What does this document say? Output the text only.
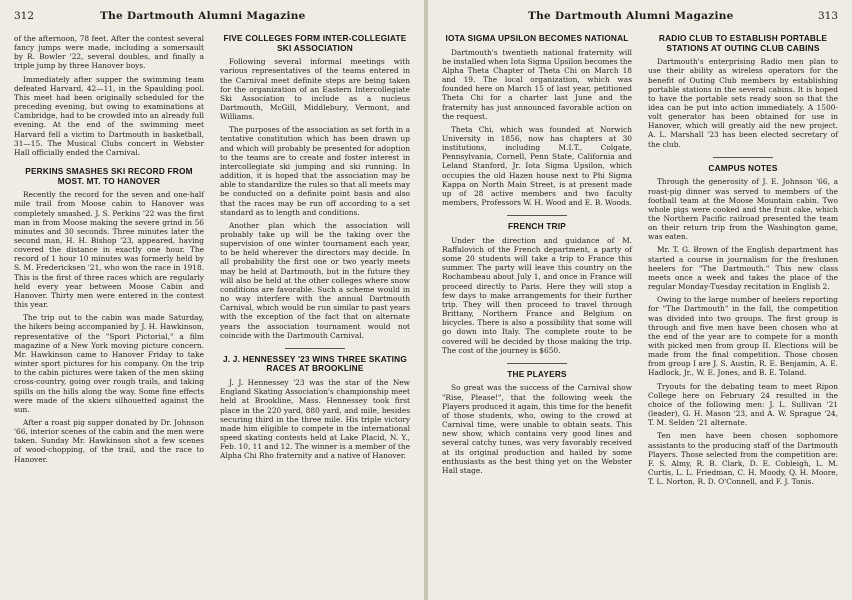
312	The Dartmouth Alumni Magazine

of the afternoon, 78 feet. After the contest several fancy jumps were made, including a somersault by R. Bowler '22, several doubles, and finally a triple jump by three Hanover boys.

Immediately after supper the swimming team defeated Harvard, 42—11, in the Spaulding pool. This meet had been originally scheduled for the preceding evening, but owing to examinations at Cambridge, had to be crowded into an already full evening. At the end of the swimming meet Harvard fell a victim to Dartmouth in basketball, 31—15. The Musical Clubs concert in Webster Hall officially ended the Carnival.

PERKINS SMASHES SKI RECORD FROM MOST. MT. TO HANOVER

Recently the record for the seven and one-half mile trail from Moose cabin to Hanover was completely smashed. J. S. Perkins '22 was the first man in from Moose making the severe grind in 56 minutes and 30 seconds. Three minutes later the second man, H. H. Bishop '23, appeared, having covered the distance in exactly one hour. The record of 1 hour 10 minutes was formerly held by S. M. Fredericksen '21, who won the race in 1918. This is the first of three races which are regularly held every year between Moose Cabin and Hanover. Thirty men were entered in the contest this year.

The trip out to the cabin was made Saturday, the hikers being accompanied by J. H. Hawkinson, representative of the "Sport Pictorial," a film magazine of a New York moving picture concern. Mr. Hawkinson came to Hanover Friday to take winter sport pictures for his company. On the trip to the cabin pictures were taken of the men skiing cross-country, going over rough trails, and taking spills on the hills along the way. Some fine effects were made of the skiers silhouetted against the sun.

After a roast pig supper donated by Dr. Johnson '66, interior scenes of the cabin and the men were taken. Sunday Mr. Hawkinson shot a few scenes of wood-chopping, of the trail, and the race to Hanover.

FIVE COLLEGES FORM INTER-COLLEGIATE SKI ASSOCIATION

Following several informal meetings with various representatives of the teams entered in the Carnival meet definite steps are being taken for the organization of an Eastern Intercollegiate Ski Association to include as a nucleus Dartmouth, McGill, Middlebury, Vermont, and Williams.

The purposes of the association as set forth in a tentative constitution which has been drawn up and which will probably be presented for adoption to the teams are to create and foster interest in intercollegiate ski jumping and ski running. In addition, it is hoped that the association may be able to standardize the rules so that all meets may be conducted on a definite point basis and also that the races may be run off according to a set standard as to length and conditions.

Another plan which the association will probably take up will be the taking over the supervision of one winter tournament each year, to be held wherever the directors may decide. In all probability the first one or two yearly meets may be held at Dartmouth, but in the future they will also be held at the other colleges where snow conditions are favorable. Such a scheme would in no way interfere with the annual Dartmouth Carnival, which would be run similar to past years with the exception of the fact that on alternate years the association tournament would not coincide with the Dartmouth Carnival.

J. J. HENNESSEY '23 WINS THREE SKATING RACES AT BROOKLINE

J. J. Hennessey '23 was the star of the New England Skating Association's championship meet held at Brookline, Mass. Hennessey took first place in the 220 yard, 880 yard, and mile, besides securing third in the three mile. His triple victory made him eligible to compete in the international speed skating contests held at Lake Placid, N. Y., Feb. 10, 11 and 12. The winner is a member of the Alpha Chi Rho fraternity and a native of Hanover.

The Dartmouth Alumni Magazine	313
IOTA SIGMA UPSILON BECOMES NATIONAL

Dartmouth's twentieth national fraternity will be installed when Iota Sigma Upsilon becomes the Alpha Theta Chapter of Theta Chi on March 18 and 19. The local organization, which was founded here on March 15 of last year, petitioned Theta Chi for a charter last June and the fraternity has just announced favorable action on the request.

Theta Chi, which was founded at Norwich University in 1856, now has chapters at 30 institutions, including M.I.T., Colgate, Pennsylvania, Cornell, Penn State, California and Leland Stanford, Jr. Iota Sigma Upsilon, which occupies the old Hazen house next to Phi Sigma Kappa on North Main Street, is at present made up of 28 active members and two faculty members, Professors W. H. Wood and E. B. Woods.

FRENCH TRIP

Under the direction and guidance of M. Raffalovich of the French department, a party of some 20 students will take a trip to France this summer. The party will leave this country on the Rochambeau about July 1, and once in France will proceed directly to Paris. Here they will stop a few days to make arrangements for their further trip. They will then proceed to travel through Brittany, Northern France and Belgium on bicycles. There is also a possibility that some will go down into Italy. The complete route to be covered will be decided by those making the trip. The cost of the journey is $650.

THE PLAYERS

So great was the success of the Carnival show "Rise, Please!", that the following week the Players produced it again, this time for the benefit of those students, who, owing to the crowd at Carnival time, were unable to obtain seats. This new show, which contains very good lines and several catchy tunes, was very favorably received at its original production and hailed by some enthusiasts as the best thing yet on the Webster Hall stage.

RADIO CLUB TO ESTABLISH PORTABLE STATIONS AT OUTING CLUB CABINS

Dartmouth's enterprising Radio men plan to use their ability as wireless operators for the benefit of Outing Club members by establishing portable stations in the several cabins. It is hoped to have the portable sets ready soon so that the idea can be put into action immediately. A 1500-volt generator has been obtained for use in Hanover, which will greatly aid the new project. A. L. Marshall '23 has been elected secretary of the club.

CAMPUS NOTES

Through the generosity of J. E. Johnson '66, a roast-pig dinner was served to members of the football team at the Moose Mountain cabin. Two whole pigs were cooked and the fruit cake, which the Northern Pacific railroad presented the team on their return trip from the Washington game, was eaten.

Mr. T. G. Brown of the English department has started a course in journalism for the freshmen heelers for "The Dartmouth." This new class meets once a week and takes the place of the regular Monday-Tuesday recitation in English 2.

Owing to the large number of heelers reporting for "The Dartmouth" in the fall, the competition was divided into two groups. The first group is through and five men have been chosen who at the end of the year are to compete for a month with picked men from group II. Elections will be made from the final competition. Those chosen from group I are J. S. Austin, R. E. Benjamin, A. E. Hadlock, Jr., W. E. Jones, and B. E. Toland.

Tryouts for the debating team to meet Ripon College here on February 24 resulted in the choice of the following men: J. L. Sullivan '21 (leader), G. H. Mason '23, and A. W. Sprague '24, T. M. Selden '21 alternate.

Ten men have been chosen sophomore assistants to the producing staff of the Dartmouth Players. Those selected from the competition are: F. S. Almy, R. B. Clark, D. E. Cobleigh, L. M. Curtis, L. L. Friedman, C. H. Moody, Q. H. Moore, T. L. Norton, R. D. O'Connell, and F. J. Tonis.
